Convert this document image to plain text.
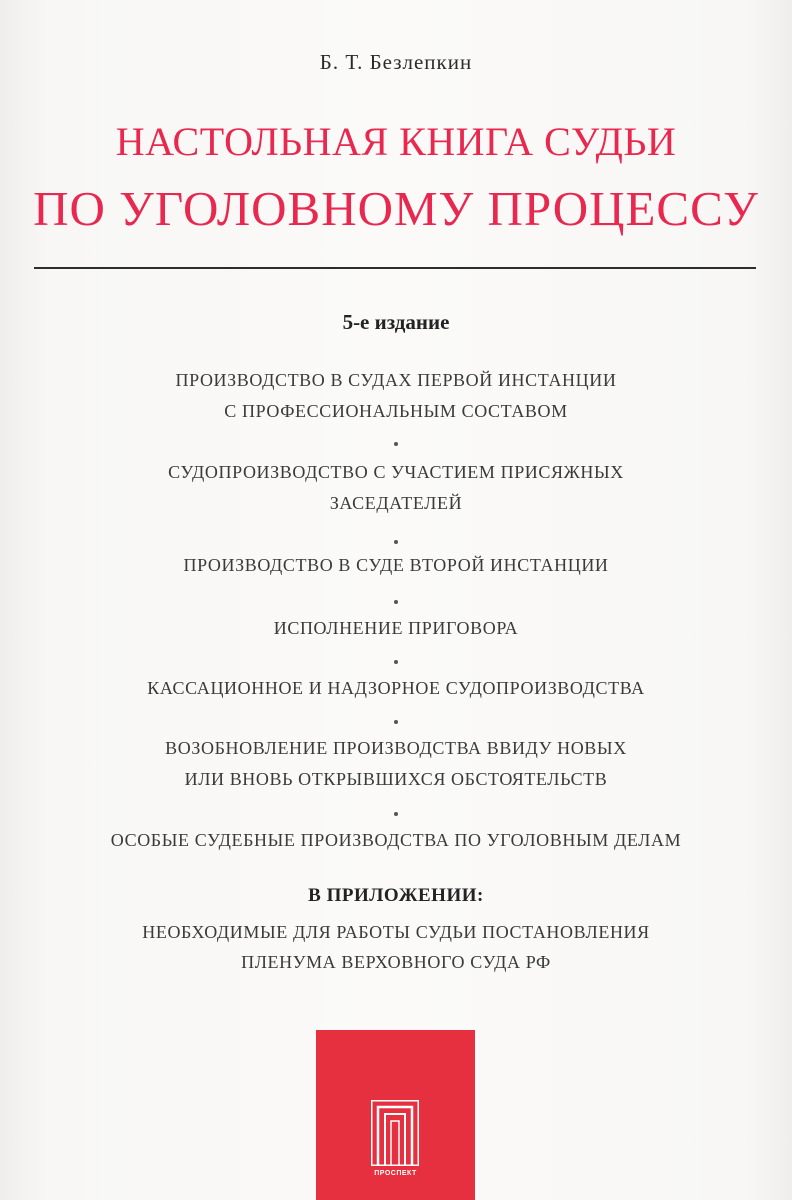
Б. Т. Безлепкин
НАСТОЛЬНАЯ КНИГА СУДЬИ
ПО УГОЛОВНОМУ ПРОЦЕССУ
5-е издание
ПРОИЗВОДСТВО В СУДАХ ПЕРВОЙ ИНСТАНЦИИ
С ПРОФЕССИОНАЛЬНЫМ СОСТАВОМ
СУДОПРОИЗВОДСТВО С УЧАСТИЕМ ПРИСЯЖНЫХ
ЗАСЕДАТЕЛЕЙ
ПРОИЗВОДСТВО В СУДЕ ВТОРОЙ ИНСТАНЦИИ
ИСПОЛНЕНИЕ ПРИГОВОРА
КАССАЦИОННОЕ И НАДЗОРНОЕ СУДОПРОИЗВОДСТВА
ВОЗОБНОВЛЕНИЕ ПРОИЗВОДСТВА ВВИДУ НОВЫХ
ИЛИ ВНОВЬ ОТКРЫВШИХСЯ ОБСТОЯТЕЛЬСТВ
ОСОБЫЕ СУДЕБНЫЕ ПРОИЗВОДСТВА ПО УГОЛОВНЫМ ДЕЛАМ
В ПРИЛОЖЕНИИ:
НЕОБХОДИМЫЕ ДЛЯ РАБОТЫ СУДЬИ ПОСТАНОВЛЕНИЯ
ПЛЕНУМА ВЕРХОВНОГО СУДА РФ
ПРОСПЕКТ
